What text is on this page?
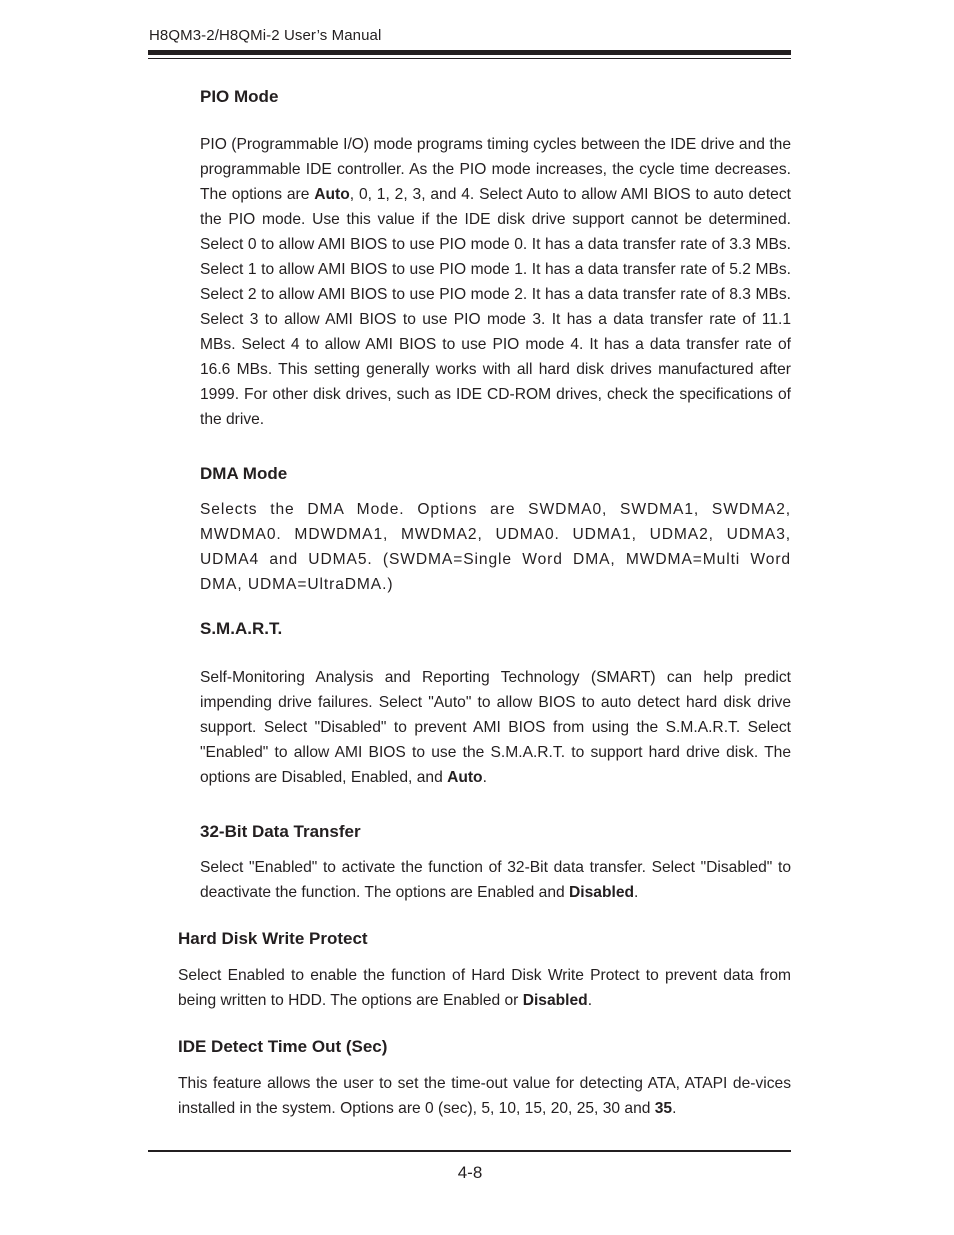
H8QM3-2/H8QMi-2 User’s Manual
PIO Mode

PIO (Programmable I/O) mode programs timing cycles between the IDE drive and the programmable IDE controller. As the PIO mode increases, the cycle time decreases. The options are Auto, 0, 1, 2, 3, and 4. Select Auto to allow AMI BIOS to auto detect the PIO mode. Use this value if the IDE disk drive support cannot be determined. Select 0 to allow AMI BIOS to use PIO mode 0. It has a data transfer rate of 3.3 MBs. Select 1 to allow AMI BIOS to use PIO mode 1. It has a data transfer rate of 5.2 MBs. Select 2 to allow AMI BIOS to use PIO mode 2. It has a data transfer rate of 8.3 MBs. Select 3 to allow AMI BIOS to use PIO mode 3. It has a data transfer rate of 11.1 MBs. Select 4 to allow AMI BIOS to use PIO mode 4. It has a data transfer rate of 16.6 MBs. This setting generally works with all hard disk drives manufactured after 1999. For other disk drives, such as IDE CD-ROM drives, check the specifications of the drive.

DMA Mode

Selects the DMA Mode. Options are SWDMA0, SWDMA1, SWDMA2, MWDMA0. MDWDMA1, MWDMA2, UDMA0. UDMA1, UDMA2, UDMA3, UDMA4 and UDMA5. (SWDMA=Single Word DMA, MWDMA=Multi Word DMA, UDMA=UltraDMA.)

S.M.A.R.T.

Self-Monitoring Analysis and Reporting Technology (SMART) can help predict impending drive failures. Select "Auto" to allow BIOS to auto detect hard disk drive support. Select "Disabled" to prevent AMI BIOS from using the S.M.A.R.T. Select "Enabled" to allow AMI BIOS to use the S.M.A.R.T. to support hard drive disk. The options are Disabled, Enabled, and Auto.

32-Bit Data Transfer

Select "Enabled" to activate the function of 32-Bit data transfer. Select "Disabled" to deactivate the function. The options are Enabled and Disabled.

Hard Disk Write Protect

Select Enabled to enable the function of Hard Disk Write Protect to prevent data from being written to HDD. The options are Enabled or Disabled.

IDE Detect Time Out (Sec)

This feature allows the user to set the time-out value for detecting ATA, ATAPI de-vices installed in the system. Options are 0 (sec), 5, 10, 15, 20, 25, 30 and 35.

4-8
